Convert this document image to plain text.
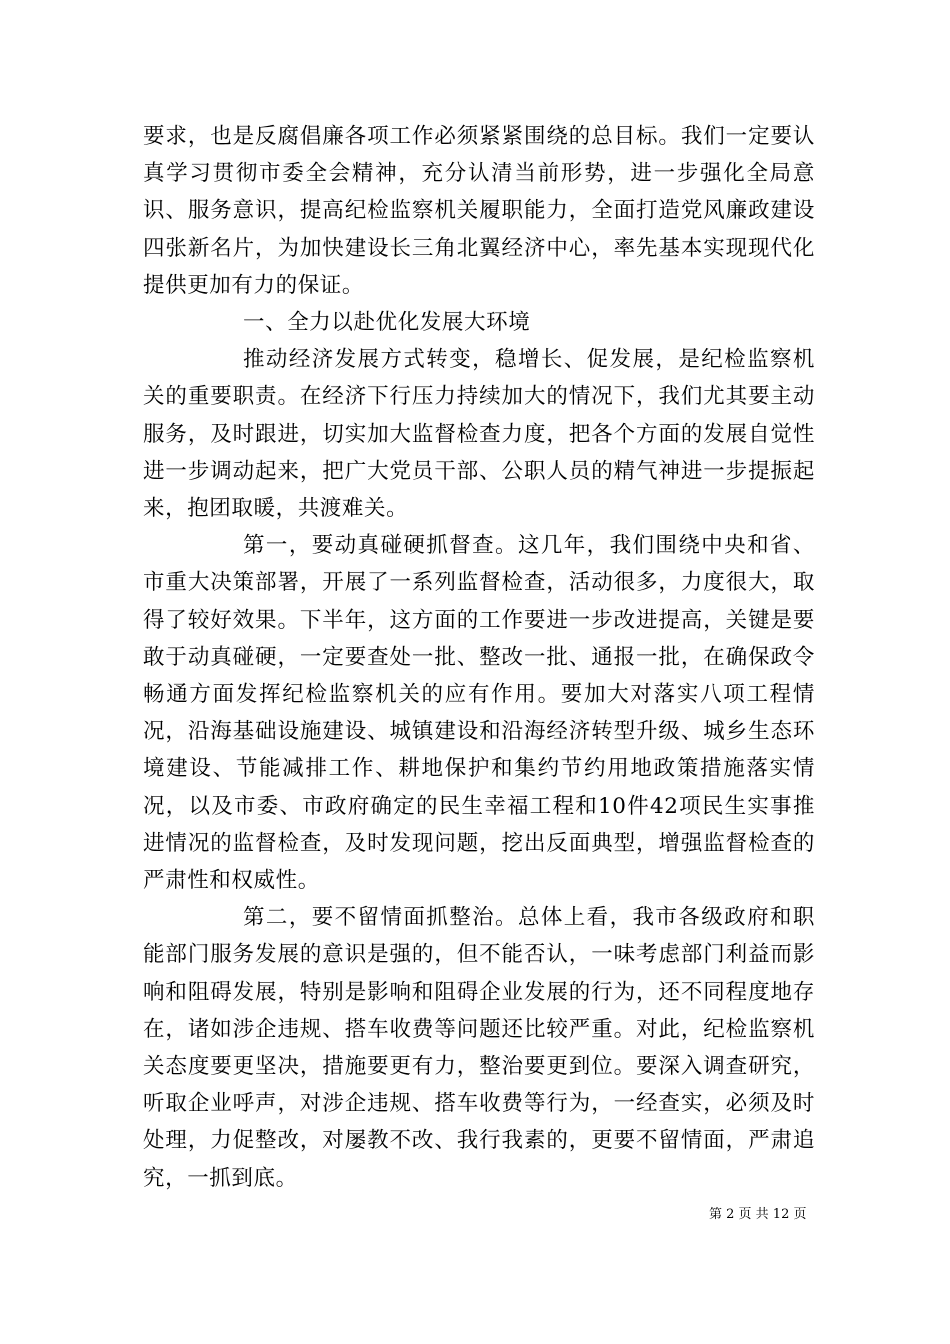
要求，也是反腐倡廉各项工作必须紧紧围绕的总目标。我们一定要认真学习贯彻市委全会精神，充分认清当前形势，进一步强化全局意识、服务意识，提高纪检监察机关履职能力，全面打造党风廉政建设四张新名片，为加快建设长三角北翼经济中心，率先基本实现现代化提供更加有力的保证。

一、全力以赴优化发展大环境

推动经济发展方式转变，稳增长、促发展，是纪检监察机关的重要职责。在经济下行压力持续加大的情况下，我们尤其要主动服务，及时跟进，切实加大监督检查力度，把各个方面的发展自觉性进一步调动起来，把广大党员干部、公职人员的精气神进一步提振起来，抱团取暖，共渡难关。

第一，要动真碰硬抓督查。这几年，我们围绕中央和省、市重大决策部署，开展了一系列监督检查，活动很多，力度很大，取得了较好效果。下半年，这方面的工作要进一步改进提高，关键是要敢于动真碰硬，一定要查处一批、整改一批、通报一批，在确保政令畅通方面发挥纪检监察机关的应有作用。要加大对落实八项工程情况，沿海基础设施建设、城镇建设和沿海经济转型升级、城乡生态环境建设、节能减排工作、耕地保护和集约节约用地政策措施落实情况，以及市委、市政府确定的民生幸福工程和10件42项民生实事推进情况的监督检查，及时发现问题，挖出反面典型，增强监督检查的严肃性和权威性。

第二，要不留情面抓整治。总体上看，我市各级政府和职能部门服务发展的意识是强的，但不能否认，一味考虑部门利益而影响和阻碍发展，特别是影响和阻碍企业发展的行为，还不同程度地存在，诸如涉企违规、搭车收费等问题还比较严重。对此，纪检监察机关态度要更坚决，措施要更有力，整治要更到位。要深入调查研究，听取企业呼声，对涉企违规、搭车收费等行为，一经查实，必须及时处理，力促整改，对屡教不改、我行我素的，更要不留情面，严肃追究，一抓到底。

第 2 页 共 12 页
